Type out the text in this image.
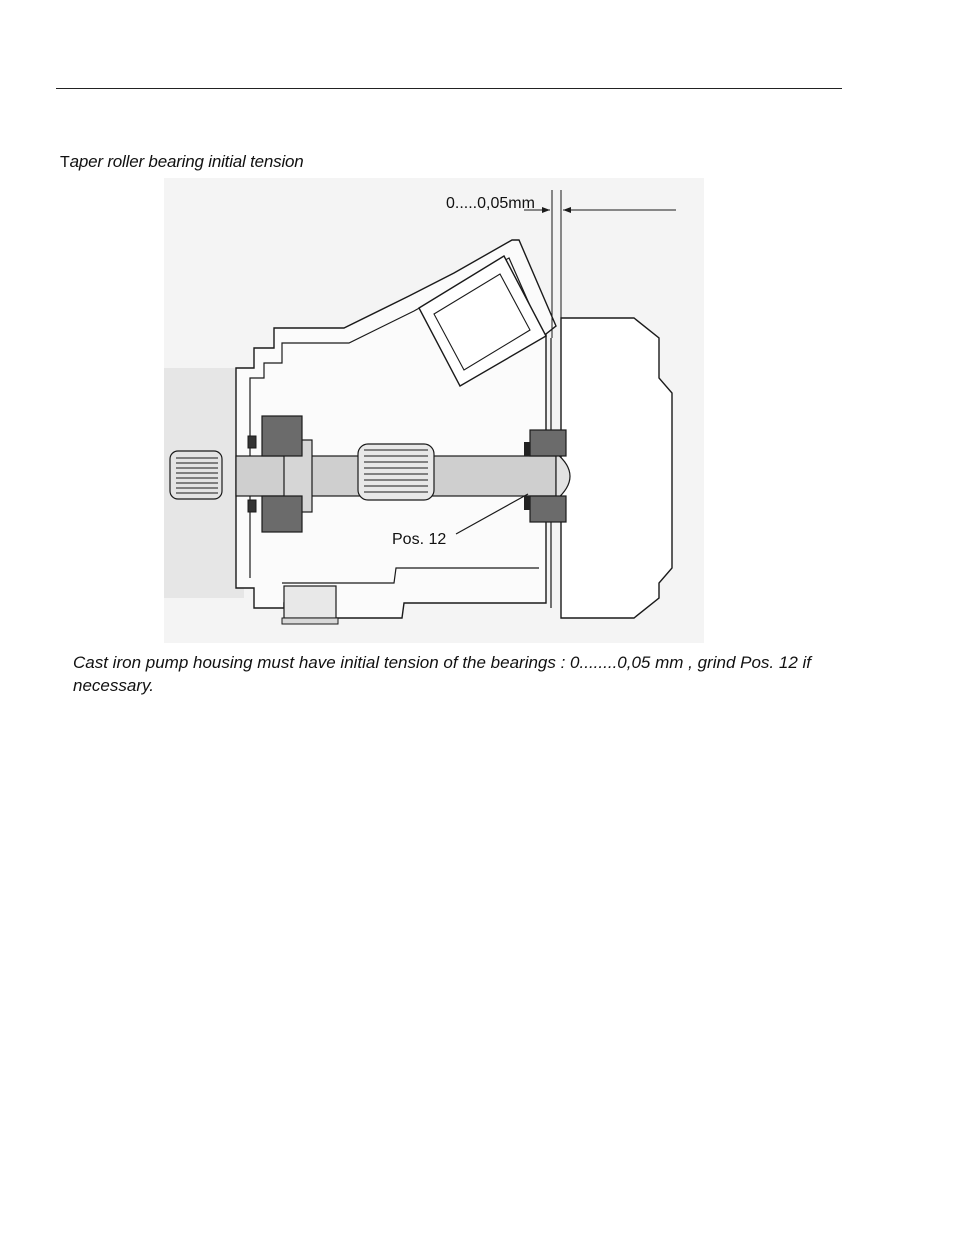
Taper roller bearing initial tension
0.....0,05mm
Pos. 12
Cast iron pump housing must have initial tension of the bearings : 0........0,05 mm , grind Pos. 12 if necessary.
